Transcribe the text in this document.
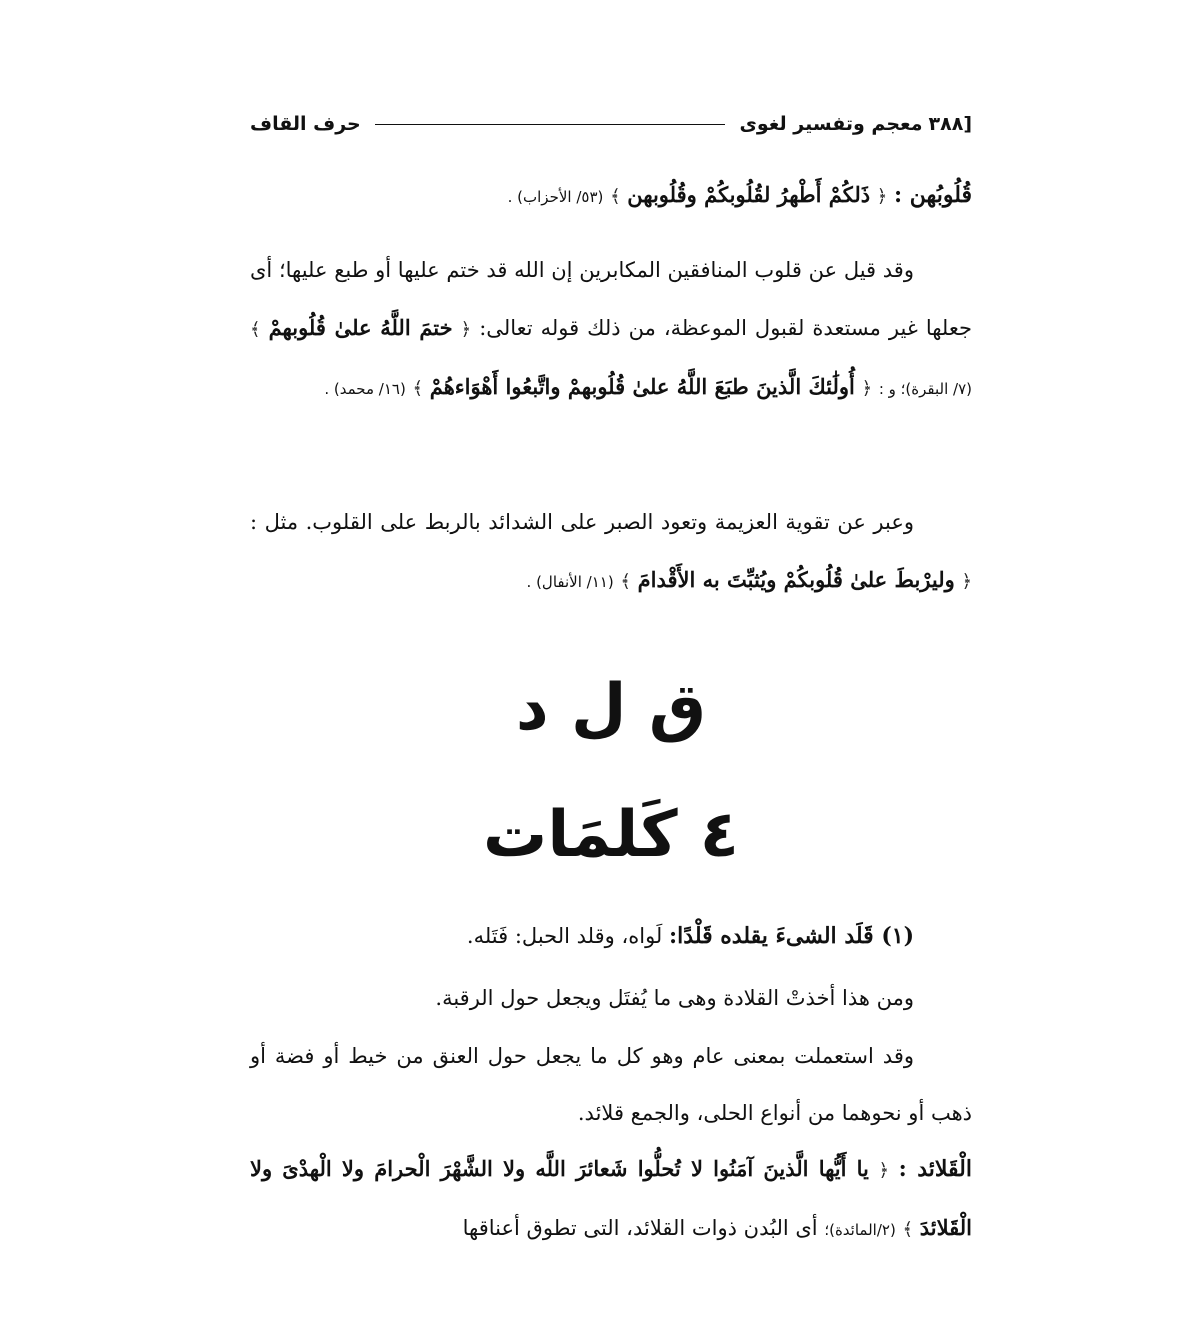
[٣٨٨
معجم وتفسير لغوى
حرف القاف
قُلُوبُهن : ﴿ ذَلكُمْ أَطْهرُ لقُلُوبكُمْ وقُلُوبهن ﴾ (٥٣/ الأحزاب) .
وقد قيل عن قلوب المنافقين المكابرين إن الله قد ختم عليها أو طبع عليها؛ أى جعلها غير مستعدة لقبول الموعظة، من ذلك قوله تعالى: ﴿ ختمَ اللَّهُ علىٰ قُلُوبهمْ ﴾ (٧/ البقرة)؛ و : ﴿ أُولَٰئكَ الَّذينَ طبَعَ اللَّهُ علىٰ قُلُوبهمْ واتَّبعُوا أَهْوَاءهُمْ ﴾ (١٦/ محمد) .
وعبر عن تقوية العزيمة وتعود الصبر على الشدائد بالربط على القلوب. مثل : ﴿ وليرْبطَ علىٰ قُلُوبكُمْ ويُثبِّتَ به الأَقْدامَ ﴾ (١١/ الأنفال) .
ق ل د
٤ كَلمَات
(١) قَلَد الشىءَ يقلده قَلْدًا: لَواه، وقلد الحبل: فَتَله.
ومن هذا أخذتْ القلادة وهى ما يُفتَل ويجعل حول الرقبة.
وقد استعملت بمعنى عام وهو كل ما يجعل حول العنق من خيط أو فضة أو ذهب أو نحوهما من أنواع الحلى، والجمع قلائد.
الْقَلائد : ﴿ يا أَيُّها الَّذينَ آمَنُوا لا تُحلُّوا شَعائرَ اللَّه ولا الشَّهْرَ الْحرامَ ولا الْهدْىَ ولا الْقَلائدَ ﴾ (٢/المائدة)؛ أى البُدن ذوات القلائد، التى تطوق أعناقها
